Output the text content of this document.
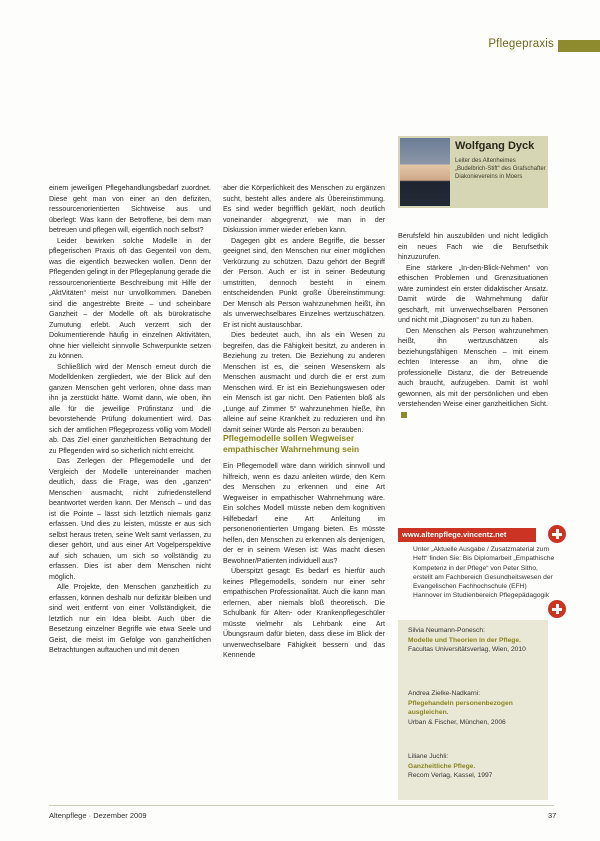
Pflegepraxis
Wolfgang Dyck
Leiter des Altenheimes „Budelbrich-Stift“ des Grafschafter Diakonievereins in Moers

einem jeweiligen Pflegehandlungsbedarf zuordnet. Diese geht man von einer an den defiziten, ressourcenorientierten Sichtweise aus und überlegt: Was kann der Betroffene, bei dem man betreuen und pflegen will, eigentlich noch selbst?

Leider bewirken solche Modelle in der pflegerischen Praxis oft das Gegenteil von dem, was die eigentlich bezwecken wollen. Denn der Pflegenden gelingt in der Pflegeplanung gerade die ressourcenorientierte Beschreibung mit Hilfe der „AktVitäten“ meist nur unvollkommen. Daneben sind die angestrebte Breite – und scheinbare Ganzheit – der Modelle oft als bürokratische Zumutung erlebt. Auch verzerrt sich der Dokumentierende häufig in einzelnen Aktivitäten, ohne hier vielleicht sinnvolle Schwerpunkte setzen zu können.

Schließlich wird der Mensch erneut durch die Modelldenken zergliedert, wie der Blick auf den ganzen Menschen geht verloren, ohne dass man ihn ja zerstückt hätte. Womit dann, wie oben, ihn alle für die jeweilige Prüfinstanz und die bevorstehende Prüfung dokumentiert wird. Das sich der amtlichen Pflegeprozess völlig vom Modell ab. Das Ziel einer ganzheitlichen Betrachtung der zu Pflegenden wird so sicherlich nicht erreicht.

Das Zerlegen der Pflegemodelle und der Vergleich der Modelle untereinander machen deutlich, dass die Frage, was den „ganzen“ Menschen ausmacht, nicht zufriedenstellend beantwortet werden kann. Der Mensch – und das ist die Pointe – lässt sich letztlich niemals ganz erfassen. Und dies zu leisten, müsste er aus sich selbst heraus treten, seine Welt samt verlassen, zu dieser gehört, und aus einer Art Vogelperspektive auf sich schauen, um sich so vollständig zu erfassen. Dies ist aber dem Menschen nicht möglich.

Alle Projekte, den Menschen ganzheitlich zu erfassen, können deshalb nur defizitär bleiben und sind weit entfernt von einer Vollständigkeit, die letztlich nur ein Idea bleibt. Auch über die Besetzung einzelner Begriffe wie etwa Seele und Geist, die meist im Gefolge von ganzheitlichen Betrachtungen auftauchen und mit denen

aber die Körperlichkeit des Menschen zu ergänzen sucht, besteht alles andere als Übereinstimmung. Es sind weder begrifflich geklärt, noch deutlich voneinander abgegrenzt, wie man in der Diskussion immer wieder erleben kann.

Dagegen gibt es andere Begriffe, die besser geeignet sind, den Menschen nur einer möglichen Verkürzung zu schützen. Dazu gehört der Begriff der Person. Auch er ist in seiner Bedeutung umstritten, dennoch besteht in einem entscheidenden Punkt große Übereinstimmung: Der Mensch als Person wahrzunehmen heißt, ihn als unverwechselbares Einzelnes wertzuschätzen. Er ist nicht austauschbar.

Dies bedeutet auch, ihn als ein Wesen zu begreifen, das die Fähigkeit besitzt, zu anderen in Beziehung zu treten. Die Beziehung zu anderen Menschen ist es, die seinen Wesenskern als Menschen ausmacht und durch die er erst zum Menschen wird. Er ist ein Beziehungswesen oder ein Mensch ist gar nicht. Den Patienten bloß als „Lunge auf Zimmer 5“ wahrzunehmen hieße, ihn alleine auf seine Krankheit zu reduzieren und ihn damit seiner Würde als Person zu berauben.

Pflegemodelle sollen Wegweiser empathischer Wahrnehmung sein

Ein Pflegemodell wäre dann wirklich sinnvoll und hilfreich, wenn es dazu anleiten würde, den Kern des Menschen zu erkennen und eine Art Wegweiser in empathischer Wahrnehmung wäre. Ein solches Modell müsste neben dem kognitiven Hilfebedarf eine Art Anleitung im personenorientierten Umgang bieten. Es müsste helfen, den Menschen zu erkennen als denjenigen, der er in seinem Wesen ist: Was macht diesen Bewohner/Patienten individuell aus?

Überspitzt gesagt: Es bedarf es hierfür auch keines Pflegemodells, sondern nur einer sehr empathischen Professionalität. Auch die kann man erlernen, aber niemals bloß theoretisch. Die Schulbank für Alten- oder Krankenpflegeschüler müsste vielmehr als Lehrbank eine Art Übungsraum dafür bieten, dass diese im Blick der unverwechselbare Fähigkeit bessern und das Kennende

Berufsfeld hin auszubilden und nicht lediglich ein neues Fach wie die Berufsethik hinzuzurufen.

Eine stärkere „In-den-Blick-Nehmen“ von ethischen Problemen und Grenzsituationen wäre zumindest ein erster didaktischer Ansatz. Damit würde die Wahrnehmung dafür geschärft, mit unverwechselbaren Personen und nicht mit „Diagnosen“ zu tun zu haben.

Den Menschen als Person wahrzunehmen heißt, ihn wertzuschätzen als beziehungsfähigen Menschen – mit einem echten Interesse an ihm, ohne die professionelle Distanz, die der Betreuende auch braucht, aufzugeben. Damit ist wohl gewonnen, als mit der persönlichen und eben verstehenden Weise einer ganzheitlichen Sicht.

www.altenpflege.vincentz.net
Unter „Aktuelle Ausgabe / Zusatzmaterial zum Heft“ finden Sie: Bis Diplomarbeit „Empathische Kompetenz in der Pflege“ von Peter Sitho, erstellt am Fachbereich Gesundheitswesen der Evangelischen Fachhochschule (EFH) Hannover im Studienbereich Pflegepädagogik
Silvia Neumann-Ponesch:
Modelle und Theorien in der Pflege.
Facultas Universitätsverlag, Wien, 2010
Andrea Zielke-Nadkarni:
Pflegehandeln personenbezogen ausgleichen.
Urban & Fischer, München, 2006
Liliane Juchli:
Ganzheitliche Pflege.
Recom Verlag, Kassel, 1997
Altenpflege · Dezember 2009	37
